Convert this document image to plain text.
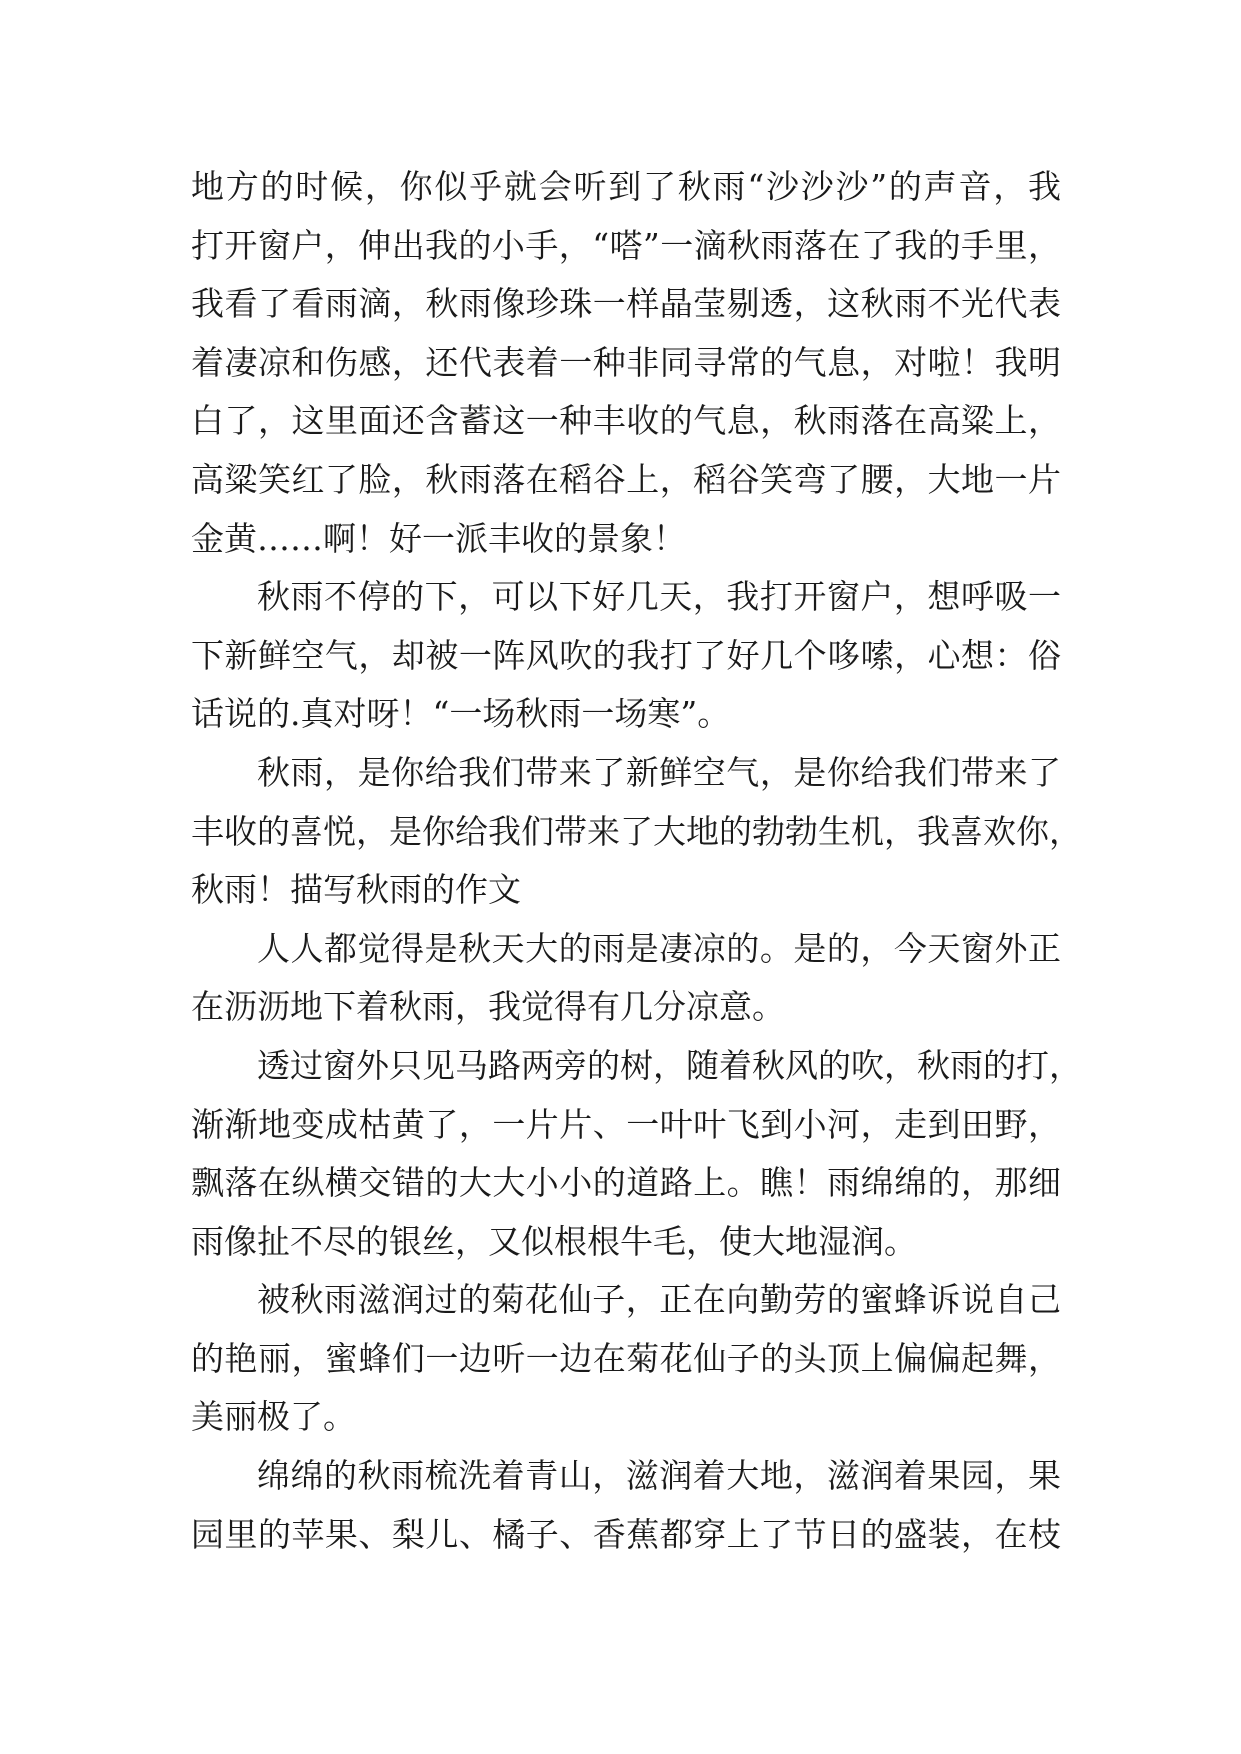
地方的时候，你似乎就会听到了秋雨“沙沙沙”的声音，我
打开窗户，伸出我的小手，“嗒”一滴秋雨落在了我的手里，
我看了看雨滴，秋雨像珍珠一样晶莹剔透，这秋雨不光代表
着凄凉和伤感，还代表着一种非同寻常的气息，对啦！我明
白了，这里面还含蓄这一种丰收的气息，秋雨落在高粱上，
高粱笑红了脸，秋雨落在稻谷上，稻谷笑弯了腰，大地一片
金黄……啊！好一派丰收的景象！
秋雨不停的下，可以下好几天，我打开窗户，想呼吸一
下新鲜空气，却被一阵风吹的我打了好几个哆嗦，心想：俗
话说的.真对呀！“一场秋雨一场寒”。
秋雨，是你给我们带来了新鲜空气，是你给我们带来了
丰收的喜悦，是你给我们带来了大地的勃勃生机，我喜欢你，
秋雨！描写秋雨的作文
人人都觉得是秋天大的雨是凄凉的。是的，今天窗外正
在沥沥地下着秋雨，我觉得有几分凉意。
透过窗外只见马路两旁的树，随着秋风的吹，秋雨的打，
渐渐地变成枯黄了，一片片、一叶叶飞到小河，走到田野，
飘落在纵横交错的大大小小的道路上。瞧！雨绵绵的，那细
雨像扯不尽的银丝，又似根根牛毛，使大地湿润。
被秋雨滋润过的菊花仙子，正在向勤劳的蜜蜂诉说自己
的艳丽，蜜蜂们一边听一边在菊花仙子的头顶上偏偏起舞，
美丽极了。
绵绵的秋雨梳洗着青山，滋润着大地，滋润着果园，果
园里的苹果、梨儿、橘子、香蕉都穿上了节日的盛装，在枝
